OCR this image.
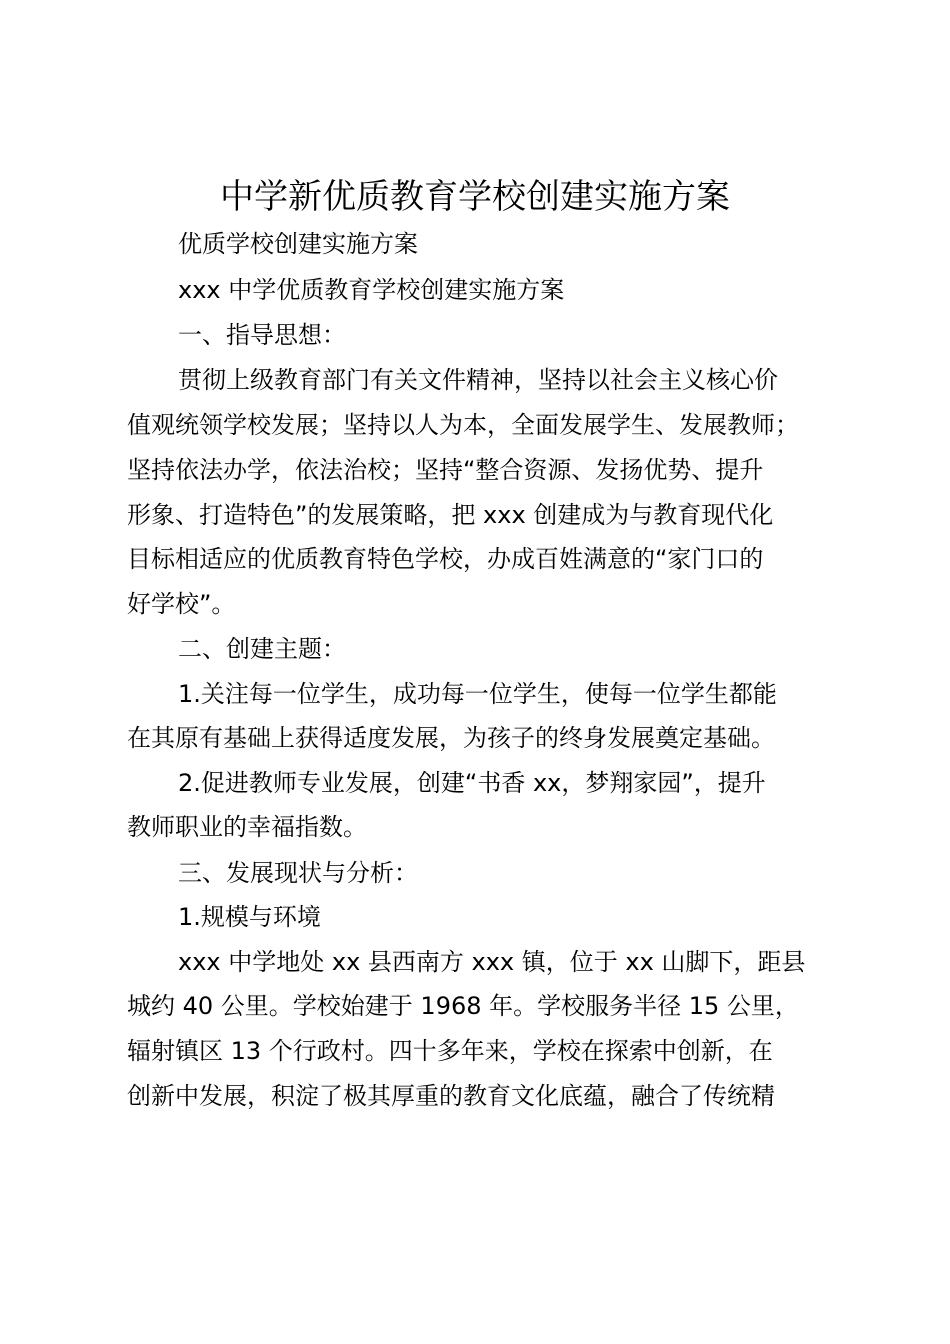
中学新优质教育学校创建实施方案
优质学校创建实施方案
xxx 中学优质教育学校创建实施方案
一、指导思想：
贯彻上级教育部门有关文件精神，坚持以社会主义核心价
值观统领学校发展；坚持以人为本，全面发展学生、发展教师；
坚持依法办学，依法治校；坚持“整合资源、发扬优势、提升
形象、打造特色”的发展策略，把 xxx 创建成为与教育现代化
目标相适应的优质教育特色学校，办成百姓满意的“家门口的
好学校”。
二、创建主题：
1.关注每一位学生，成功每一位学生，使每一位学生都能
在其原有基础上获得适度发展，为孩子的终身发展奠定基础。
2.促进教师专业发展，创建“书香 xx，梦翔家园”，提升
教师职业的幸福指数。
三、发展现状与分析：
1.规模与环境
xxx 中学地处 xx 县西南方 xxx 镇，位于 xx 山脚下，距县
城约 40 公里。学校始建于 1968 年。学校服务半径 15 公里，
辐射镇区 13 个行政村。四十多年来，学校在探索中创新，在
创新中发展，积淀了极其厚重的教育文化底蕴，融合了传统精
